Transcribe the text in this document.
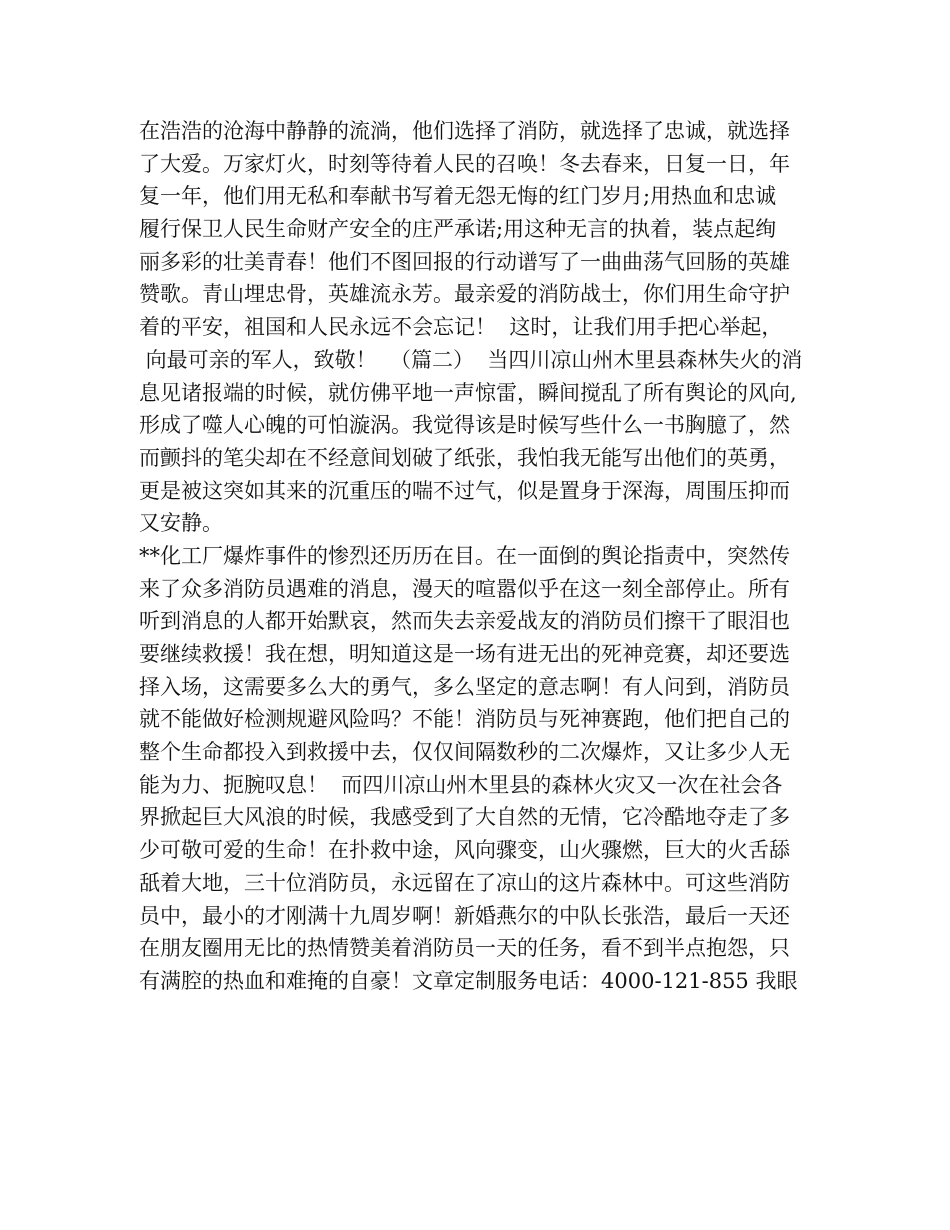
在浩浩的沧海中静静的流淌，他们选择了消防，就选择了忠诚，就选择
了大爱。万家灯火，时刻等待着人民的召唤！冬去春来，日复一日，年
复一年，他们用无私和奉献书写着无怨无悔的红门岁月;用热血和忠诚
履行保卫人民生命财产安全的庄严承诺;用这种无言的执着，装点起绚
丽多彩的壮美青春！他们不图回报的行动谱写了一曲曲荡气回肠的英雄
赞歌。青山埋忠骨，英雄流永芳。最亲爱的消防战士，你们用生命守护
着的平安，祖国和人民永远不会忘记！  这时，让我们用手把心举起，
向最可亲的军人，致敬！  （篇二）  当四川凉山州木里县森林失火的消
息见诸报端的时候，就仿佛平地一声惊雷，瞬间搅乱了所有舆论的风向,
形成了噬人心魄的可怕漩涡。我觉得该是时候写些什么一书胸臆了，然
而颤抖的笔尖却在不经意间划破了纸张，我怕我无能写出他们的英勇，
更是被这突如其来的沉重压的喘不过气，似是置身于深海，周围压抑而
又安静。
**化工厂爆炸事件的惨烈还历历在目。在一面倒的舆论指责中，突然传
来了众多消防员遇难的消息，漫天的喧嚣似乎在这一刻全部停止。所有
听到消息的人都开始默哀，然而失去亲爱战友的消防员们擦干了眼泪也
要继续救援！我在想，明知道这是一场有进无出的死神竞赛，却还要选
择入场，这需要多么大的勇气，多么坚定的意志啊！有人问到，消防员
就不能做好检测规避风险吗？不能！消防员与死神赛跑，他们把自己的
整个生命都投入到救援中去，仅仅间隔数秒的二次爆炸，又让多少人无
能为力、扼腕叹息！  而四川凉山州木里县的森林火灾又一次在社会各
界掀起巨大风浪的时候，我感受到了大自然的无情，它冷酷地夺走了多
少可敬可爱的生命！在扑救中途，风向骤变，山火骤燃，巨大的火舌舔
舐着大地，三十位消防员，永远留在了凉山的这片森林中。可这些消防
员中，最小的才刚满十九周岁啊！新婚燕尔的中队长张浩，最后一天还
在朋友圈用无比的热情赞美着消防员一天的任务，看不到半点抱怨，只
有满腔的热血和难掩的自豪！文章定制服务电话：4000-121-855 我眼
